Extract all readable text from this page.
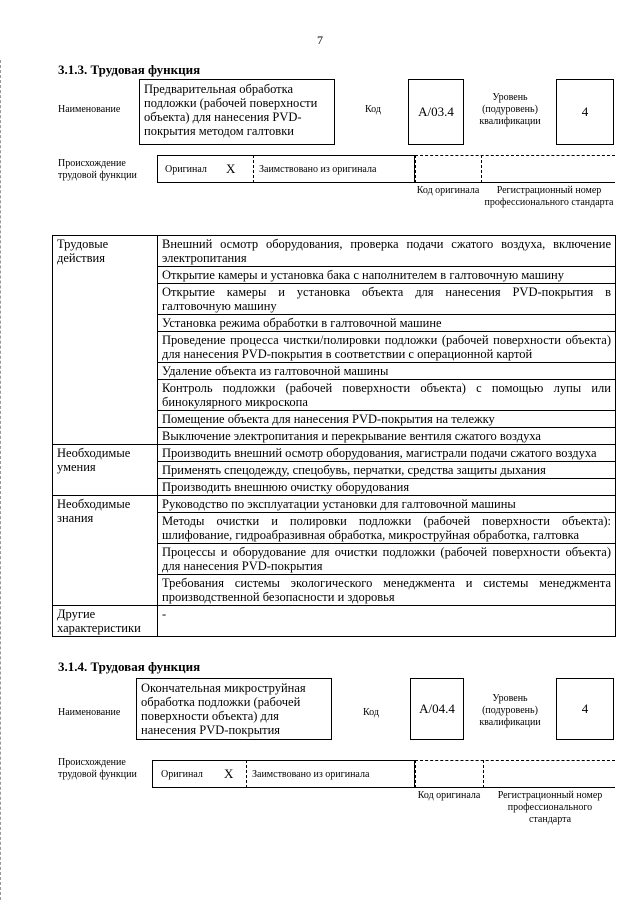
7
3.1.3. Трудовая функция
Наименование
Предварительная обработка подложки (рабочей поверхности объекта) для нанесения PVD-покрытия методом галтовки
Код	A/03.4
Уровень (подуровень) квалификации
4
Происхождение трудовой функции
Оригинал X Заимствовано из оригинала
Код оригинала	Регистрационный номер профессионального стандарта
Трудовые действия	Внешний осмотр оборудования, проверка подачи сжатого воздуха, включение электропитания
	Открытие камеры и установка бака с наполнителем в галтовочную машину
	Открытие камеры и установка объекта для нанесения PVD-покрытия в галтовочную машину
	Установка режима обработки в галтовочной машине
	Проведение процесса чистки/полировки подложки (рабочей поверхности объекта) для нанесения PVD-покрытия в соответствии с операционной картой
	Удаление объекта из галтовочной машины
	Контроль подложки (рабочей поверхности объекта) с помощью лупы или бинокулярного микроскопа
	Помещение объекта для нанесения PVD-покрытия на тележку
	Выключение электропитания и перекрывание вентиля сжатого воздуха
Необходимые умения	Производить внешний осмотр оборудования, магистрали подачи сжатого воздуха
	Применять спецодежду, спецобувь, перчатки, средства защиты дыхания
	Производить внешнюю очистку оборудования
Необходимые знания	Руководство по эксплуатации установки для галтовочной машины
	Методы очистки и полировки подложки (рабочей поверхности объекта): шлифование, гидроабразивная обработка, микроструйная обработка, галтовка
	Процессы и оборудование для очистки подложки (рабочей поверхности объекта) для нанесения PVD-покрытия
	Требования системы экологического менеджмента и системы менеджмента производственной безопасности и здоровья
Другие характеристики	-
3.1.4. Трудовая функция
Наименование
Окончательная микроструйная обработка подложки (рабочей поверхности объекта) для нанесения PVD-покрытия
Код	A/04.4
Уровень (подуровень) квалификации
4
Происхождение трудовой функции	Оригинал X Заимствовано из оригинала
Код оригинала	Регистрационный номер профессионального стандарта
